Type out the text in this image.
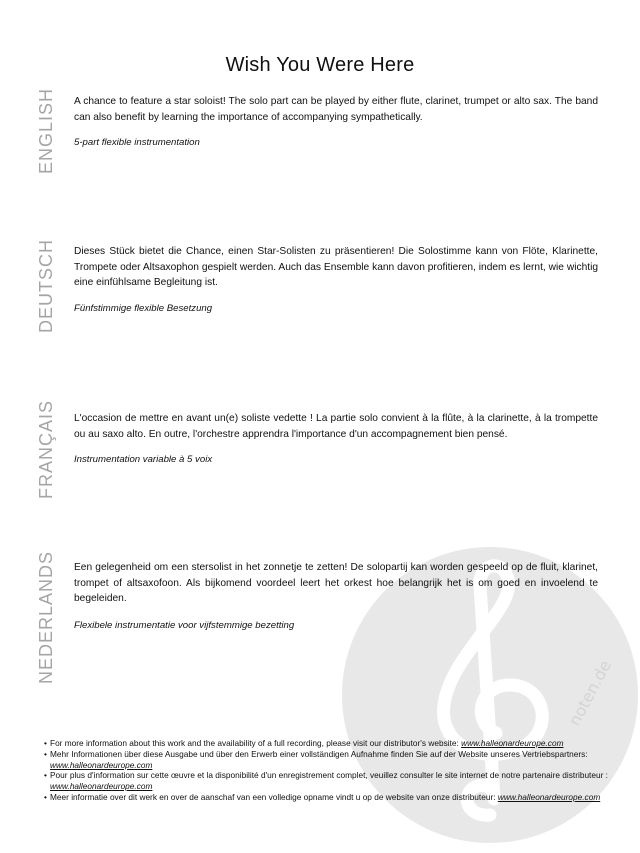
noten.de
Wish You Were Here
ENGLISH A chance to feature a star soloist! The solo part can be played by either flute, clarinet, trumpet or alto sax. The band can also benefit by learning the importance of accompanying sympathetically.
5-part flexible instrumentation
DEUTSCH Dieses Stück bietet die Chance, einen Star-Solisten zu präsentieren! Die Solostimme kann von Flöte, Klarinette, Trompete oder Altsaxophon gespielt werden. Auch das Ensemble kann davon profitieren, indem es lernt, wie wichtig eine einfühlsame Begleitung ist.
Fünfstimmige flexible Besetzung
FRANÇAIS L'occasion de mettre en avant un(e) soliste vedette ! La partie solo convient à la flûte, à la clarinette, à la trompette ou au saxo alto. En outre, l'orchestre apprendra l'importance d'un accompagnement bien pensé.
Instrumentation variable à 5 voix
NEDERLANDS Een gelegenheid om een stersolist in het zonnetje te zetten! De solopartij kan worden gespeeld op de fluit, klarinet, trompet of altsaxofoon. Als bijkomend voordeel leert het orkest hoe belangrijk het is om goed en invoelend te begeleiden.
Flexibele instrumentatie voor vijfstemmige bezetting
• For more information about this work and the availability of a full recording, please visit our distributor's website: www.halleonardeurope.com
• Mehr Informationen über diese Ausgabe und über den Erwerb einer vollständigen Aufnahme finden Sie auf der Website unseres Vertriebspartners: www.halleonardeurope.com
• Pour plus d'information sur cette œuvre et la disponibilité d'un enregistrement complet, veuillez consulter le site internet de notre partenaire distributeur : www.halleonardeurope.com
• Meer informatie over dit werk en over de aanschaf van een volledige opname vindt u op de website van onze distributeur: www.halleonardeurope.com
